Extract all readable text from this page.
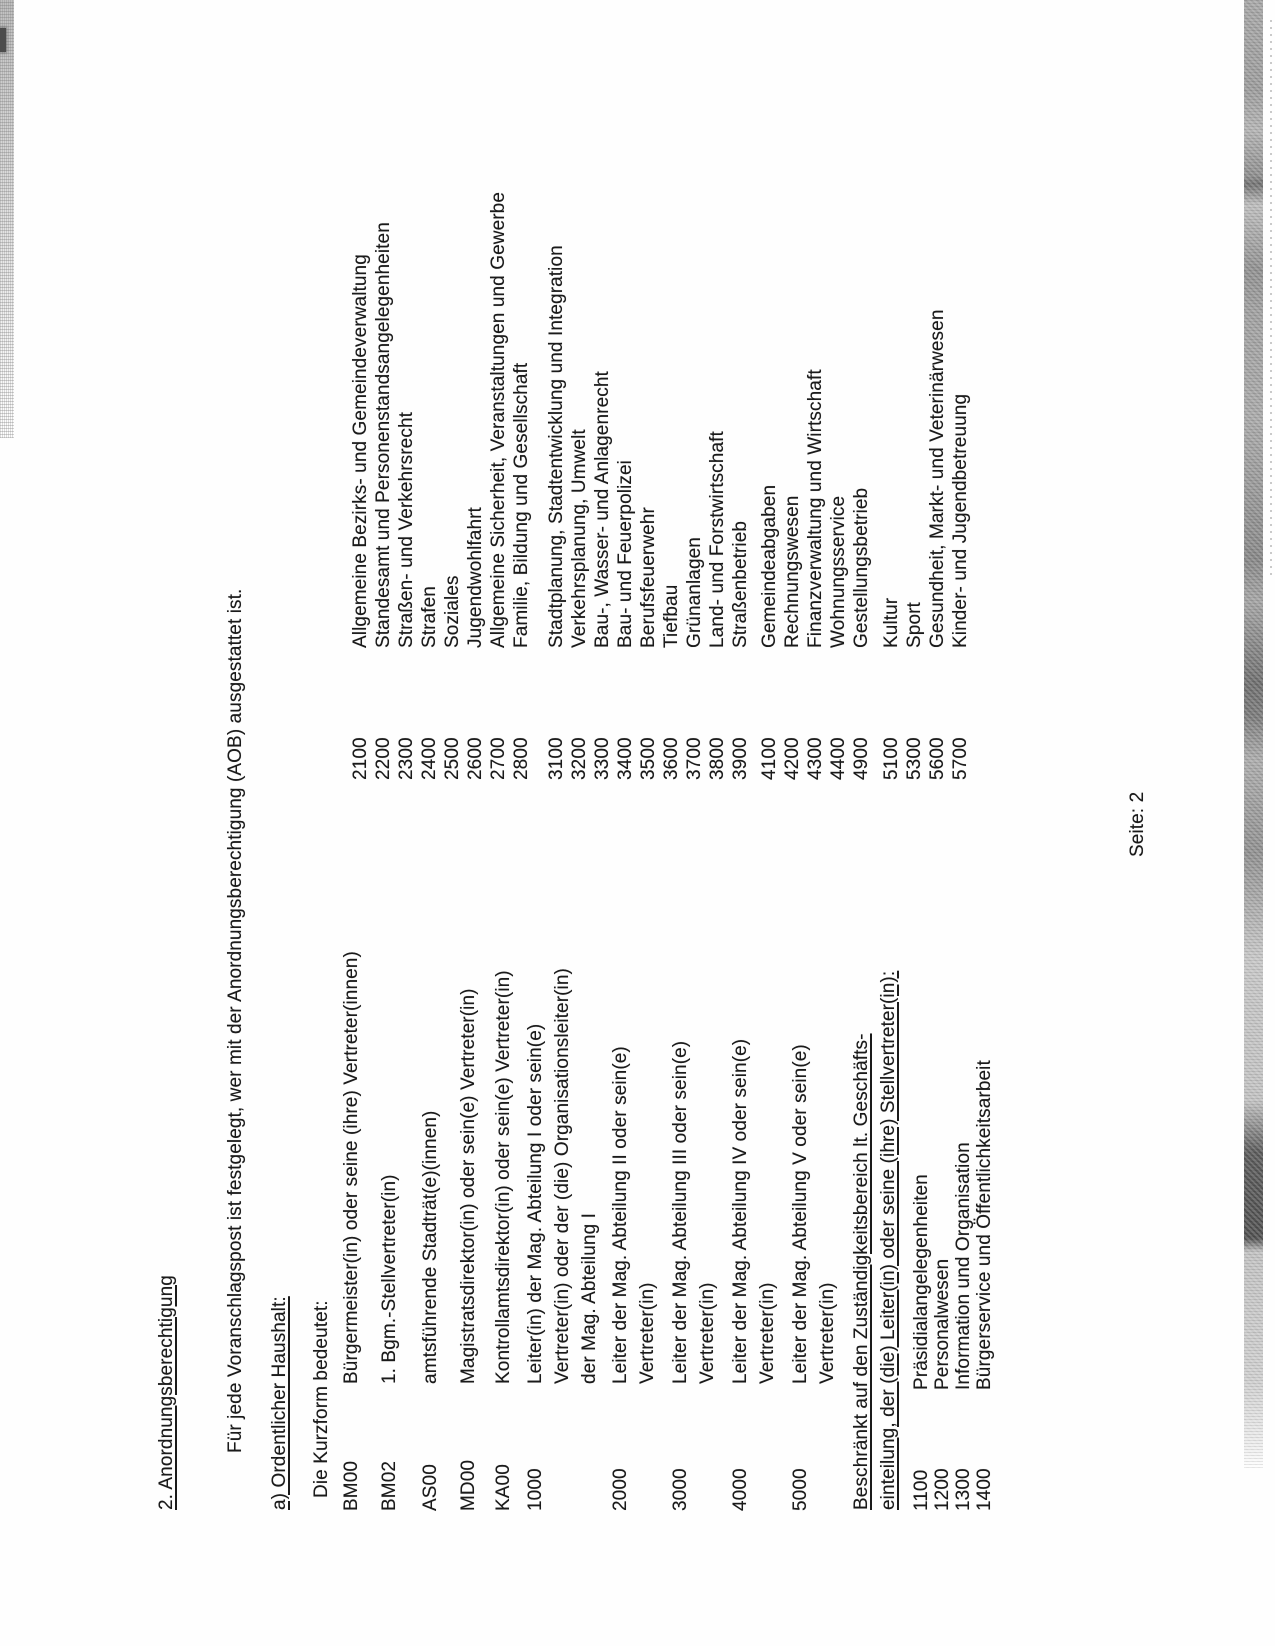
2. Anordnungsberechtigung	Für jede Voranschlagspost ist festgelegt, wer mit der Anordnungsberechtigung (AOB) ausgestattet ist. a) Ordentlicher Haushalt: Die Kurzform bedeutet: BM00
Bürgermeister(in) oder seine (ihre) Vertreter(innen)
BM02
1. Bgm.-Stellvertreter(in)
AS00
amtsführende Stadträt(e)(innen)
MD00
Magistratsdirektor(in) oder sein(e) Vertreter(in)
KA00
Kontrollamtsdirektor(in) oder sein(e) Vertreter(in)
1000
Leiter(in) der Mag. Abteilung I oder sein(e) Vertreter(in) oder der (die) Organisationsleiter(in) der Mag. Abteilung I
2000
Leiter der Mag. Abteilung II oder sein(e) Vertreter(in)
3000
Leiter der Mag. Abteilung III oder sein(e) Vertreter(in)
4000
Leiter der Mag. Abteilung IV oder sein(e) Vertreter(in)
5000
Leiter der Mag. Abteilung V oder sein(e) Vertreter(in) Beschränkt auf den Zuständigkeitsbereich lt. Geschäfts- einteilung, der (die) Leiter(in) oder seine (ihre) Stellvertreter(in): 1100
Präsidialangelegenheiten
1200
Personalwesen
1300
Information und Organisation
1400
Bürgerservice und Öffentlichkeitsarbeit
2100
Allgemeine Bezirks- und Gemeindeverwaltung
2200
Standesamt und Personenstandsangelegenheiten
2300
Straßen- und Verkehrsrecht
2400
Strafen
2500
Soziales
2600
Jugendwohlfahrt
2700
Allgemeine Sicherheit, Veranstaltungen und Gewerbe
2800
Familie, Bildung und Gesellschaft
3100
Stadtplanung, Stadtentwicklung und Integration
3200
Verkehrsplanung, Umwelt
3300
Bau-, Wasser- und Anlagenrecht
3400
Bau- und Feuerpolizei
3500
Berufsfeuerwehr
3600
Tiefbau
3700
Grünanlagen
3800
Land- und Forstwirtschaft
3900
Straßenbetrieb
4100
Gemeindeabgaben
4200
Rechnungswesen
4300
Finanzverwaltung und Wirtschaft
4400
Wohnungsservice
4900
Gestellungsbetrieb
5100
Kultur
5300
Sport
5600
Gesundheit, Markt- und Veterinärwesen
5700
Kinder- und Jugendbetreuung
Seite: 2
